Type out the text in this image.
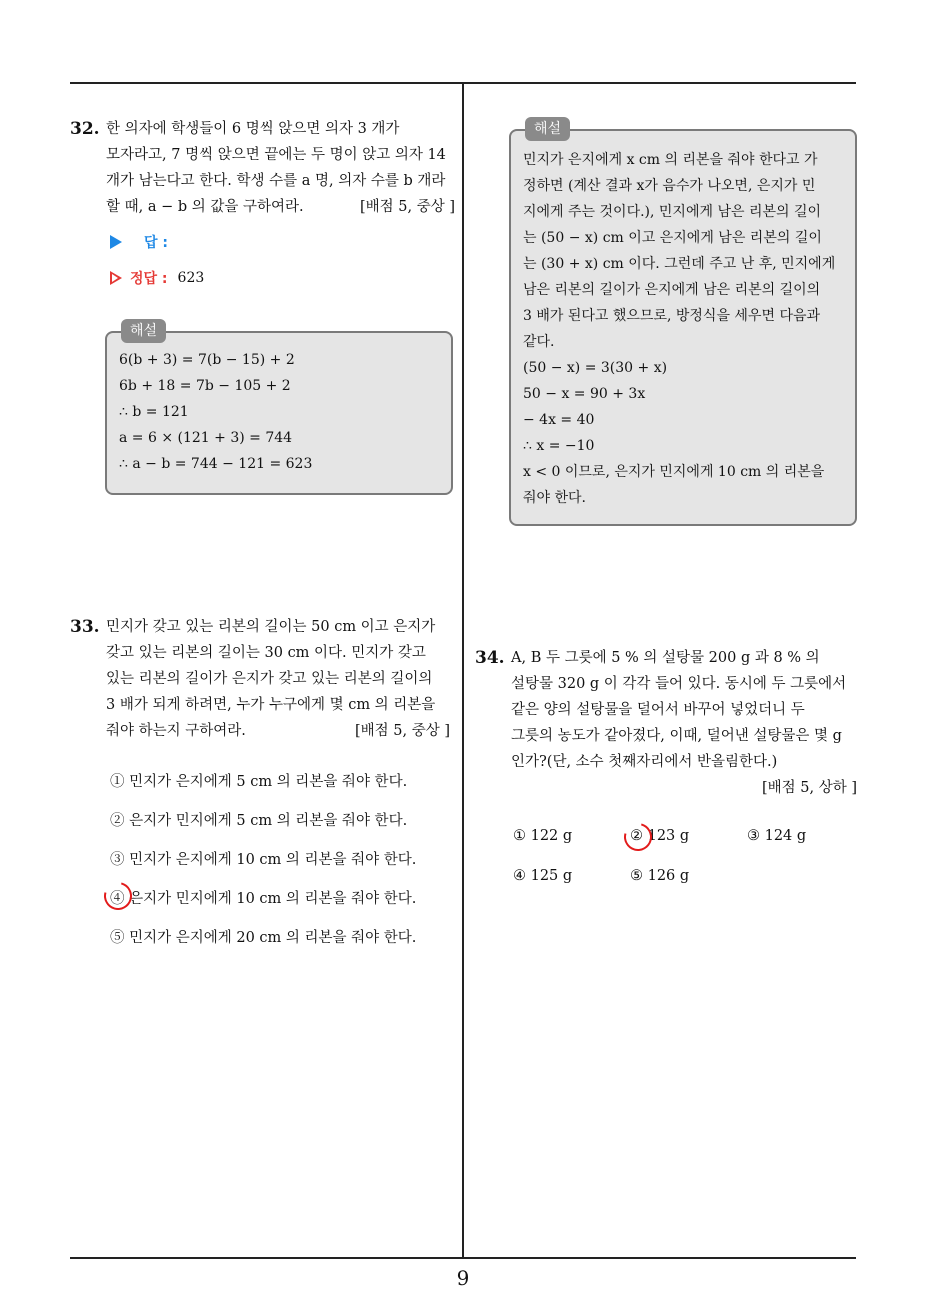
32. 한 의자에 학생들이 6 명씩 앉으면 의자 3 개가
모자라고, 7 명씩 앉으면 끝에는 두 명이 앉고 의자 14
개가 남는다고 한다. 학생 수를 a 명, 의자 수를 b 개라
할 때, a − b 의 값을 구하여라.	[배점 5, 중상 ]
답 :
정답 : 623
해설
6(b + 3) = 7(b − 15) + 2
6b + 18 = 7b − 105 + 2
∴ b = 121
a = 6 × (121 + 3) = 744
∴ a − b = 744 − 121 = 623
33. 민지가 갖고 있는 리본의 길이는 50 cm 이고 은지가
갖고 있는 리본의 길이는 30 cm 이다. 민지가 갖고
있는 리본의 길이가 은지가 갖고 있는 리본의 길이의
3 배가 되게 하려면, 누가 누구에게 몇 cm 의 리본을
줘야 하는지 구하여라.	[배점 5, 중상 ]
① 민지가 은지에게 5 cm 의 리본을 줘야 한다.
② 은지가 민지에게 5 cm 의 리본을 줘야 한다.
③ 민지가 은지에게 10 cm 의 리본을 줘야 한다.
④ 은지가 민지에게 10 cm 의 리본을 줘야 한다.
⑤ 민지가 은지에게 20 cm 의 리본을 줘야 한다.
해설
민지가 은지에게 x cm 의 리본을 줘야 한다고 가
정하면 (계산 결과 x가 음수가 나오면, 은지가 민
지에게 주는 것이다.), 민지에게 남은 리본의 길이
는 (50 − x) cm 이고 은지에게 남은 리본의 길이
는 (30 + x) cm 이다. 그런데 주고 난 후, 민지에게
남은 리본의 길이가 은지에게 남은 리본의 길이의
3 배가 된다고 했으므로, 방정식을 세우면 다음과
같다.
(50 − x) = 3(30 + x)
50 − x = 90 + 3x
− 4x = 40
∴ x = −10
x < 0 이므로, 은지가 민지에게 10 cm 의 리본을
줘야 한다.
34. A, B 두 그릇에 5 % 의 설탕물 200 g 과 8 % 의
설탕물 320 g 이 각각 들어 있다. 동시에 두 그릇에서
같은 양의 설탕물을 덜어서 바꾸어 넣었더니 두
그릇의 농도가 같아졌다, 이때, 덜어낸 설탕물은 몇 g
인가?(단, 소수 첫째자리에서 반올림한다.)
[배점 5, 상하 ]
① 122 g	② 123 g	③ 124 g
④ 125 g	⑤ 126 g
9
